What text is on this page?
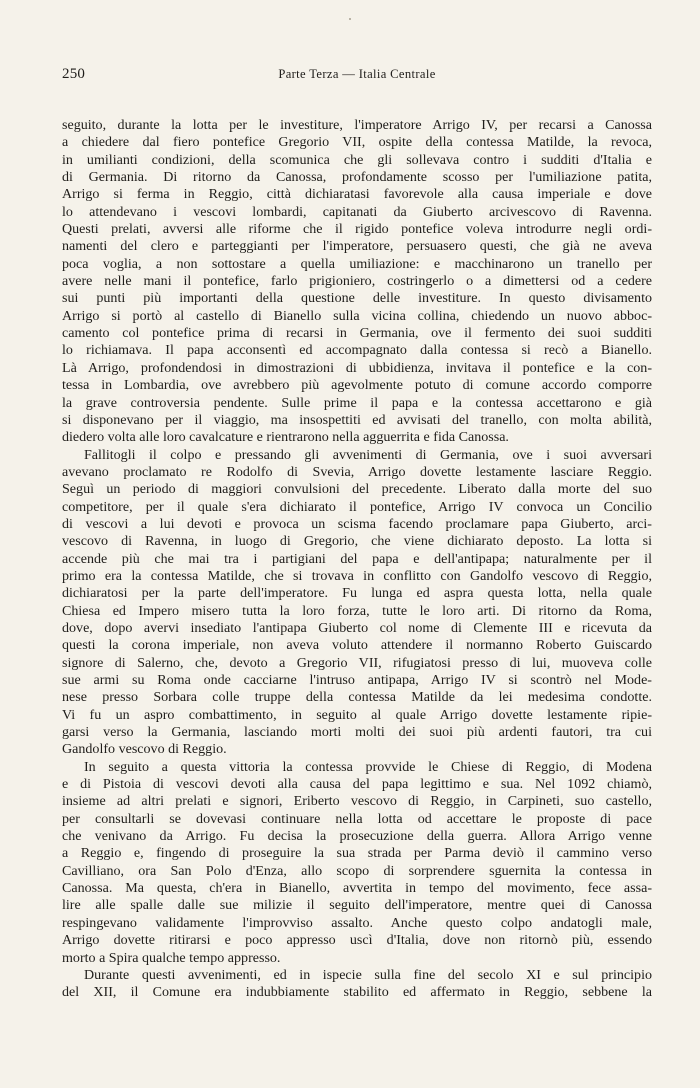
250	Parte Terza — Italia Centrale
seguito, durante la lotta per le investiture, l'imperatore Arrigo IV, per recarsi a Canossa
a chiedere dal fiero pontefice Gregorio VII, ospite della contessa Matilde, la revoca,
in umilianti condizioni, della scomunica che gli sollevava contro i sudditi d'Italia e
di Germania. Di ritorno da Canossa, profondamente scosso per l'umiliazione patita,
Arrigo si ferma in Reggio, città dichiaratasi favorevole alla causa imperiale e dove
lo attendevano i vescovi lombardi, capitanati da Giuberto arcivescovo di Ravenna.
Questi prelati, avversi alle riforme che il rigido pontefice voleva introdurre negli ordi-
namenti del clero e parteggianti per l'imperatore, persuasero questi, che già ne aveva
poca voglia, a non sottostare a quella umiliazione: e macchinarono un tranello per
avere nelle mani il pontefice, farlo prigioniero, costringerlo o a dimettersi od a cedere
sui punti più importanti della questione delle investiture. In questo divisamento
Arrigo si portò al castello di Bianello sulla vicina collina, chiedendo un nuovo abboc-
camento col pontefice prima di recarsi in Germania, ove il fermento dei suoi sudditi
lo richiamava. Il papa acconsentì ed accompagnato dalla contessa si recò a Bianello.
Là Arrigo, profondendosi in dimostrazioni di ubbidienza, invitava il pontefice e la con-
tessa in Lombardia, ove avrebbero più agevolmente potuto di comune accordo comporre
la grave controversia pendente. Sulle prime il papa e la contessa accettarono e già
si disponevano per il viaggio, ma insospettiti ed avvisati del tranello, con molta abilità,
diedero volta alle loro cavalcature e rientrarono nella agguerrita e fida Canossa.
Fallitogli il colpo e pressando gli avvenimenti di Germania, ove i suoi avversari
avevano proclamato re Rodolfo di Svevia, Arrigo dovette lestamente lasciare Reggio.
Seguì un periodo di maggiori convulsioni del precedente. Liberato dalla morte del suo
competitore, per il quale s'era dichiarato il pontefice, Arrigo IV convoca un Concilio
di vescovi a lui devoti e provoca un scisma facendo proclamare papa Giuberto, arci-
vescovo di Ravenna, in luogo di Gregorio, che viene dichiarato deposto. La lotta si
accende più che mai tra i partigiani del papa e dell'antipapa; naturalmente per il
primo era la contessa Matilde, che si trovava in conflitto con Gandolfo vescovo di Reggio,
dichiaratosi per la parte dell'imperatore. Fu lunga ed aspra questa lotta, nella quale
Chiesa ed Impero misero tutta la loro forza, tutte le loro arti. Di ritorno da Roma,
dove, dopo avervi insediato l'antipapa Giuberto col nome di Clemente III e ricevuta da
questi la corona imperiale, non aveva voluto attendere il normanno Roberto Guiscardo
signore di Salerno, che, devoto a Gregorio VII, rifugiatosi presso di lui, muoveva colle
sue armi su Roma onde cacciarne l'intruso antipapa, Arrigo IV si scontrò nel Mode-
nese presso Sorbara colle truppe della contessa Matilde da lei medesima condotte.
Vi fu un aspro combattimento, in seguito al quale Arrigo dovette lestamente ripie-
garsi verso la Germania, lasciando morti molti dei suoi più ardenti fautori, tra cui
Gandolfo vescovo di Reggio.
In seguito a questa vittoria la contessa provvide le Chiese di Reggio, di Modena
e di Pistoia di vescovi devoti alla causa del papa legittimo e sua. Nel 1092 chiamò,
insieme ad altri prelati e signori, Eriberto vescovo di Reggio, in Carpineti, suo castello,
per consultarli se dovevasi continuare nella lotta od accettare le proposte di pace
che venivano da Arrigo. Fu decisa la prosecuzione della guerra. Allora Arrigo venne
a Reggio e, fingendo di proseguire la sua strada per Parma deviò il cammino verso
Cavilliano, ora San Polo d'Enza, allo scopo di sorprendere sguernita la contessa in
Canossa. Ma questa, ch'era in Bianello, avvertita in tempo del movimento, fece assa-
lire alle spalle dalle sue milizie il seguito dell'imperatore, mentre quei di Canossa
respingevano validamente l'improvviso assalto. Anche questo colpo andatogli male,
Arrigo dovette ritirarsi e poco appresso uscì d'Italia, dove non ritornò più, essendo
morto a Spira qualche tempo appresso.
Durante questi avvenimenti, ed in ispecie sulla fine del secolo XI e sul principio
del XII, il Comune era indubbiamente stabilito ed affermato in Reggio, sebbene la
